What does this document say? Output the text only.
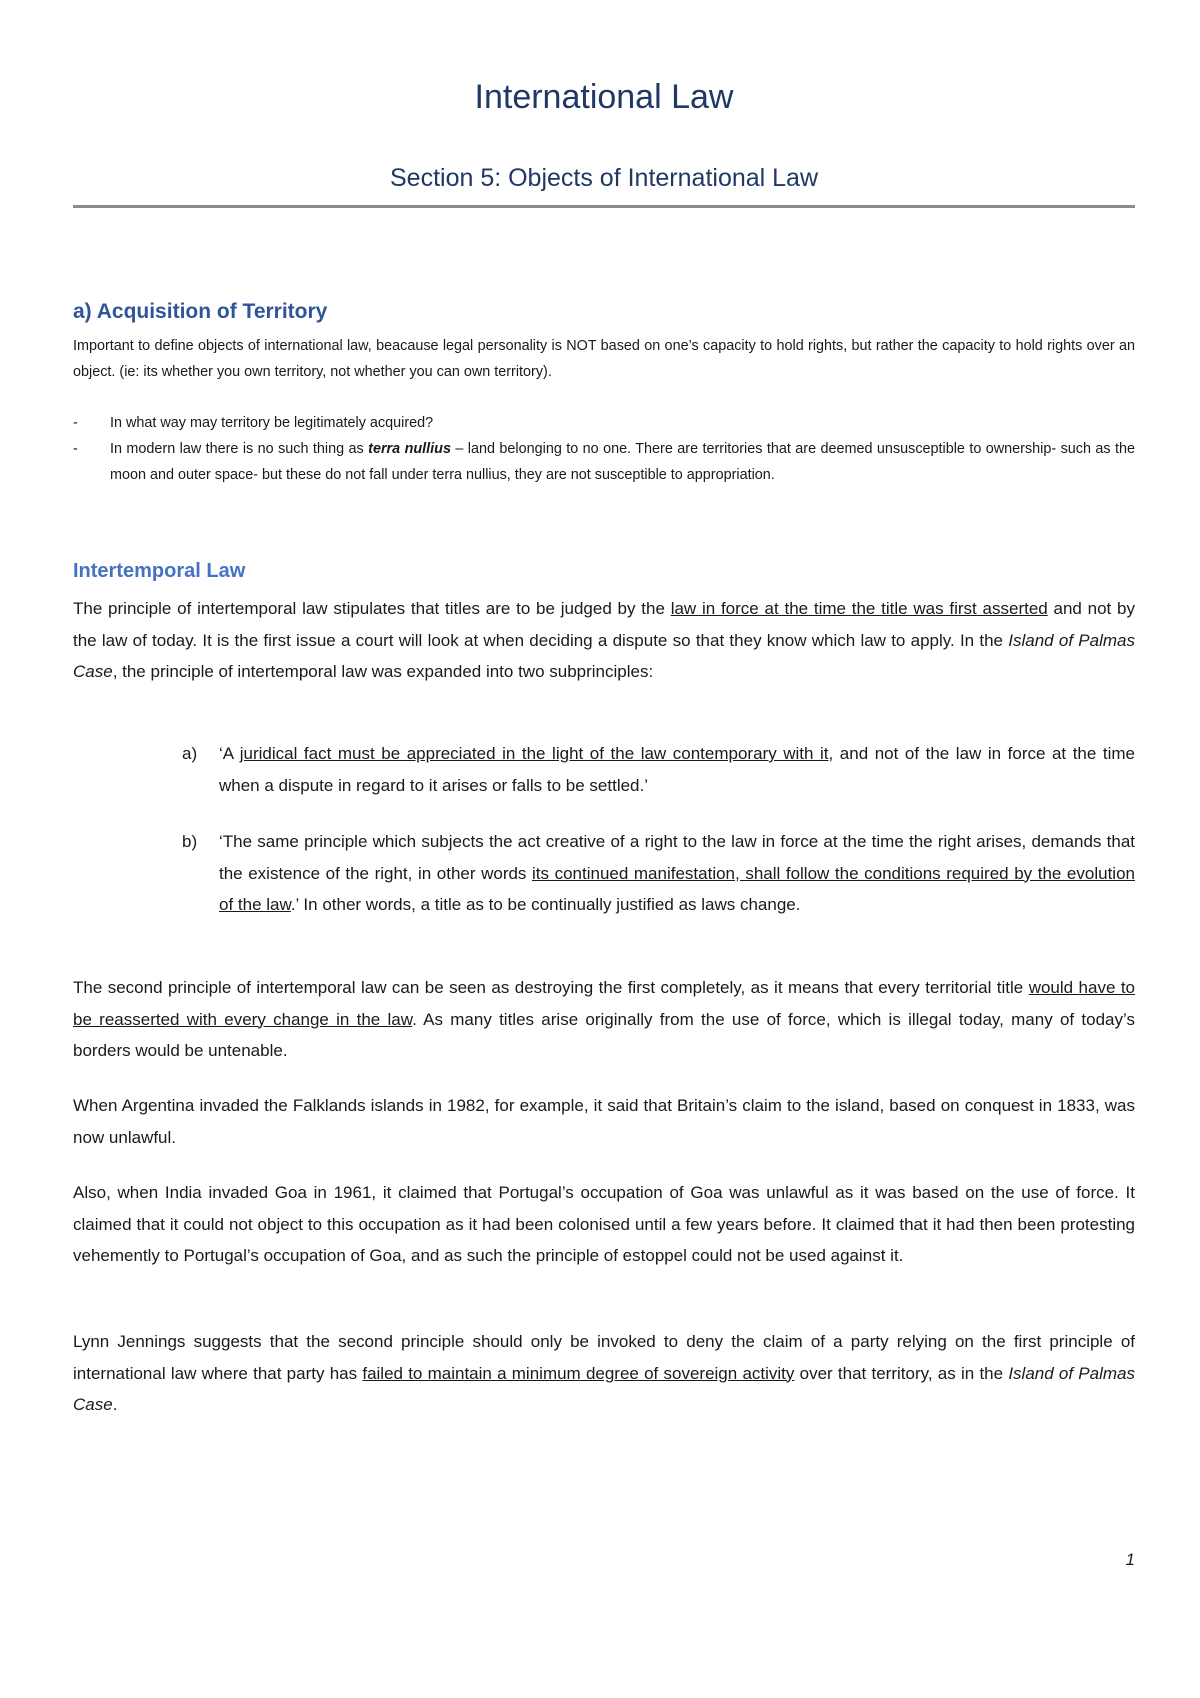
International Law
Section 5: Objects of International Law
a) Acquisition of Territory
Important to define objects of international law, beacause legal personality is NOT based on one’s capacity to hold rights, but rather the capacity to hold rights over an object. (ie: its whether you own territory, not whether you can own territory).
- In what way may territory be legitimately acquired?
- In modern law there is no such thing as terra nullius – land belonging to no one. There are territories that are deemed unsusceptible to ownership- such as the moon and outer space- but these do not fall under terra nullius, they are not susceptible to appropriation.
Intertemporal Law
The principle of intertemporal law stipulates that titles are to be judged by the law in force at the time the title was first asserted and not by the law of today. It is the first issue a court will look at when deciding a dispute so that they know which law to apply. In the Island of Palmas Case, the principle of intertemporal law was expanded into two subprinciples:
a) ‘A juridical fact must be appreciated in the light of the law contemporary with it, and not of the law in force at the time when a dispute in regard to it arises or falls to be settled.’
b) ‘The same principle which subjects the act creative of a right to the law in force at the time the right arises, demands that the existence of the right, in other words its continued manifestation, shall follow the conditions required by the evolution of the law.’ In other words, a title as to be continually justified as laws change.
The second principle of intertemporal law can be seen as destroying the first completely, as it means that every territorial title would have to be reasserted with every change in the law. As many titles arise originally from the use of force, which is illegal today, many of today’s borders would be untenable.
When Argentina invaded the Falklands islands in 1982, for example, it said that Britain’s claim to the island, based on conquest in 1833, was now unlawful.
Also, when India invaded Goa in 1961, it claimed that Portugal’s occupation of Goa was unlawful as it was based on the use of force. It claimed that it could not object to this occupation as it had been colonised until a few years before. It claimed that it had then been protesting vehemently to Portugal’s occupation of Goa, and as such the principle of estoppel could not be used against it.
Lynn Jennings suggests that the second principle should only be invoked to deny the claim of a party relying on the first principle of international law where that party has failed to maintain a minimum degree of sovereign activity over that territory, as in the Island of Palmas Case.
1
